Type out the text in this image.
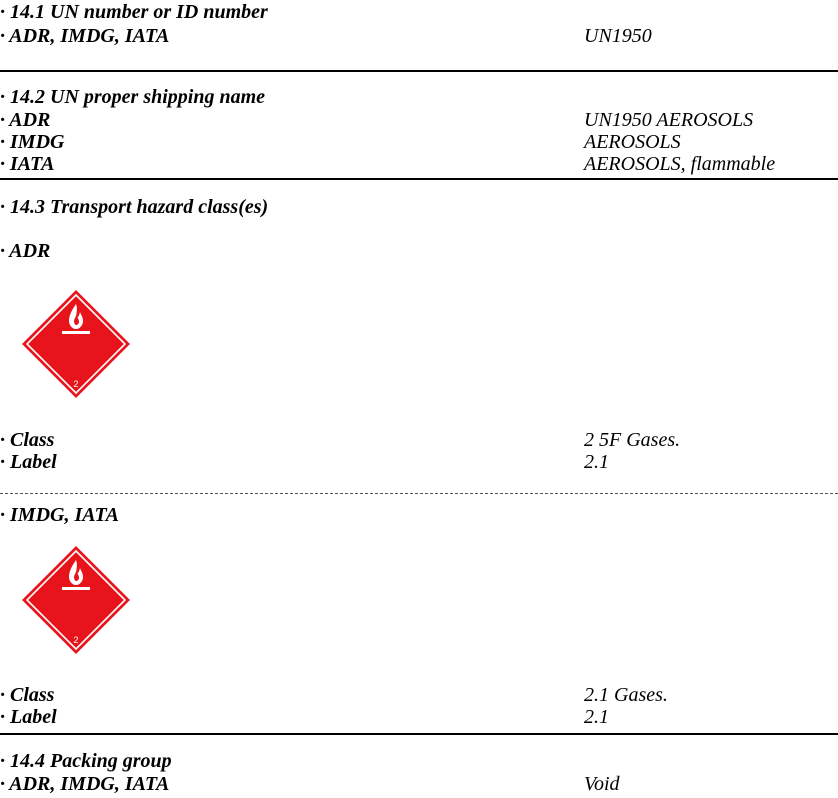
· 14.1 UN number or ID number
· ADR, IMDG, IATA	UN1950
· 14.2 UN proper shipping name
· ADR	UN1950 AEROSOLS
· IMDG	AEROSOLS
· IATA	AEROSOLS, flammable
· 14.3 Transport hazard class(es)
· ADR
2
· Class	2 5F Gases.
· Label	2.1
· IMDG, IATA
2
· Class	2.1 Gases.
· Label	2.1
· 14.4 Packing group
· ADR, IMDG, IATA	Void
